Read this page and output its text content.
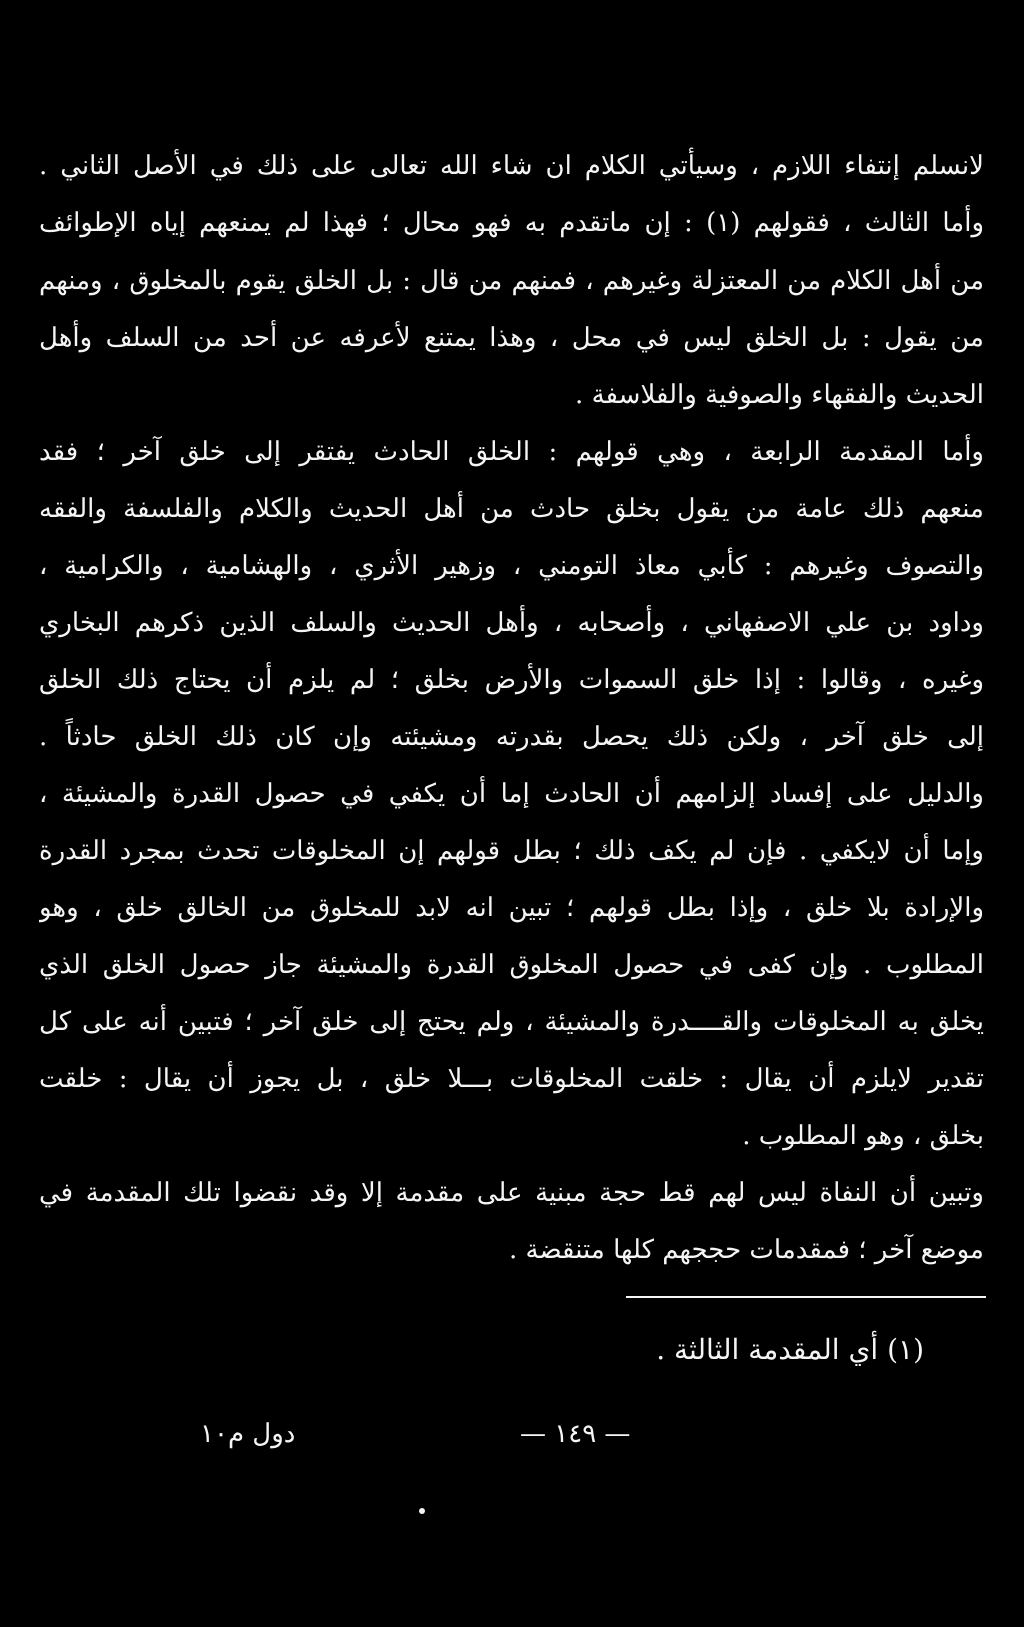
لانسلم إنتفاء اللازم ، وسيأتي الكلام ان شاء الله تعالى على ذلك في الأصل الثاني .
وأما الثالث ، فقولهم (١) : إن ماتقدم به فهو محال ؛ فهذا لم يمنعهم إياه الإطوائف
من أهل الكلام من المعتزلة وغيرهم ، فمنهم من قال : بل الخلق يقوم بالمخلوق ، ومنهم
من يقول : بل الخلق ليس في محل ، وهذا يمتنع لأعرفه عن أحد من السلف وأهل
الحديث والفقهاء والصوفية والفلاسفة .
وأما المقدمة الرابعة ، وهي قولهم : الخلق الحادث يفتقر إلى خلق آخر ؛ فقد
منعهم ذلك عامة من يقول بخلق حادث من أهل الحديث والكلام والفلسفة والفقه
والتصوف وغيرهم : كأبي معاذ التومني ، وزهير الأثري ، والهشامية ، والكرامية ،
وداود بن علي الاصفهاني ، وأصحابه ، وأهل الحديث والسلف الذين ذكرهم البخاري
وغيره ، وقالوا : إذا خلق السموات والأرض بخلق ؛ لم يلزم أن يحتاج ذلك الخلق
إلى خلق آخر ، ولكن ذلك يحصل بقدرته ومشيئته وإن كان ذلك الخلق حادثاً .
والدليل على إفساد إلزامهم أن الحادث إما أن يكفي في حصول القدرة والمشيئة ،
وإما أن لايكفي . فإن لم يكف ذلك ؛ بطل قولهم إن المخلوقات تحدث بمجرد القدرة
والإرادة بلا خلق ، وإذا بطل قولهم ؛ تبين انه لابد للمخلوق من الخالق خلق ، وهو
المطلوب . وإن كفى في حصول المخلوق القدرة والمشيئة جاز حصول الخلق الذي
يخلق به المخلوقات والقــــدرة والمشيئة ، ولم يحتج إلى خلق آخر ؛ فتبين أنه على كل
تقدير لايلزم أن يقال : خلقت المخلوقات بـــلا خلق ، بل يجوز أن يقال : خلقت
بخلق ، وهو المطلوب .
وتبين أن النفاة ليس لهم قط حجة مبنية على مقدمة إلا وقد نقضوا تلك المقدمة في
موضع آخر ؛ فمقدمات حججهم كلها متنقضة .
(١) أي المقدمة الثالثة .
— ١٤٩ —
دول م١٠
